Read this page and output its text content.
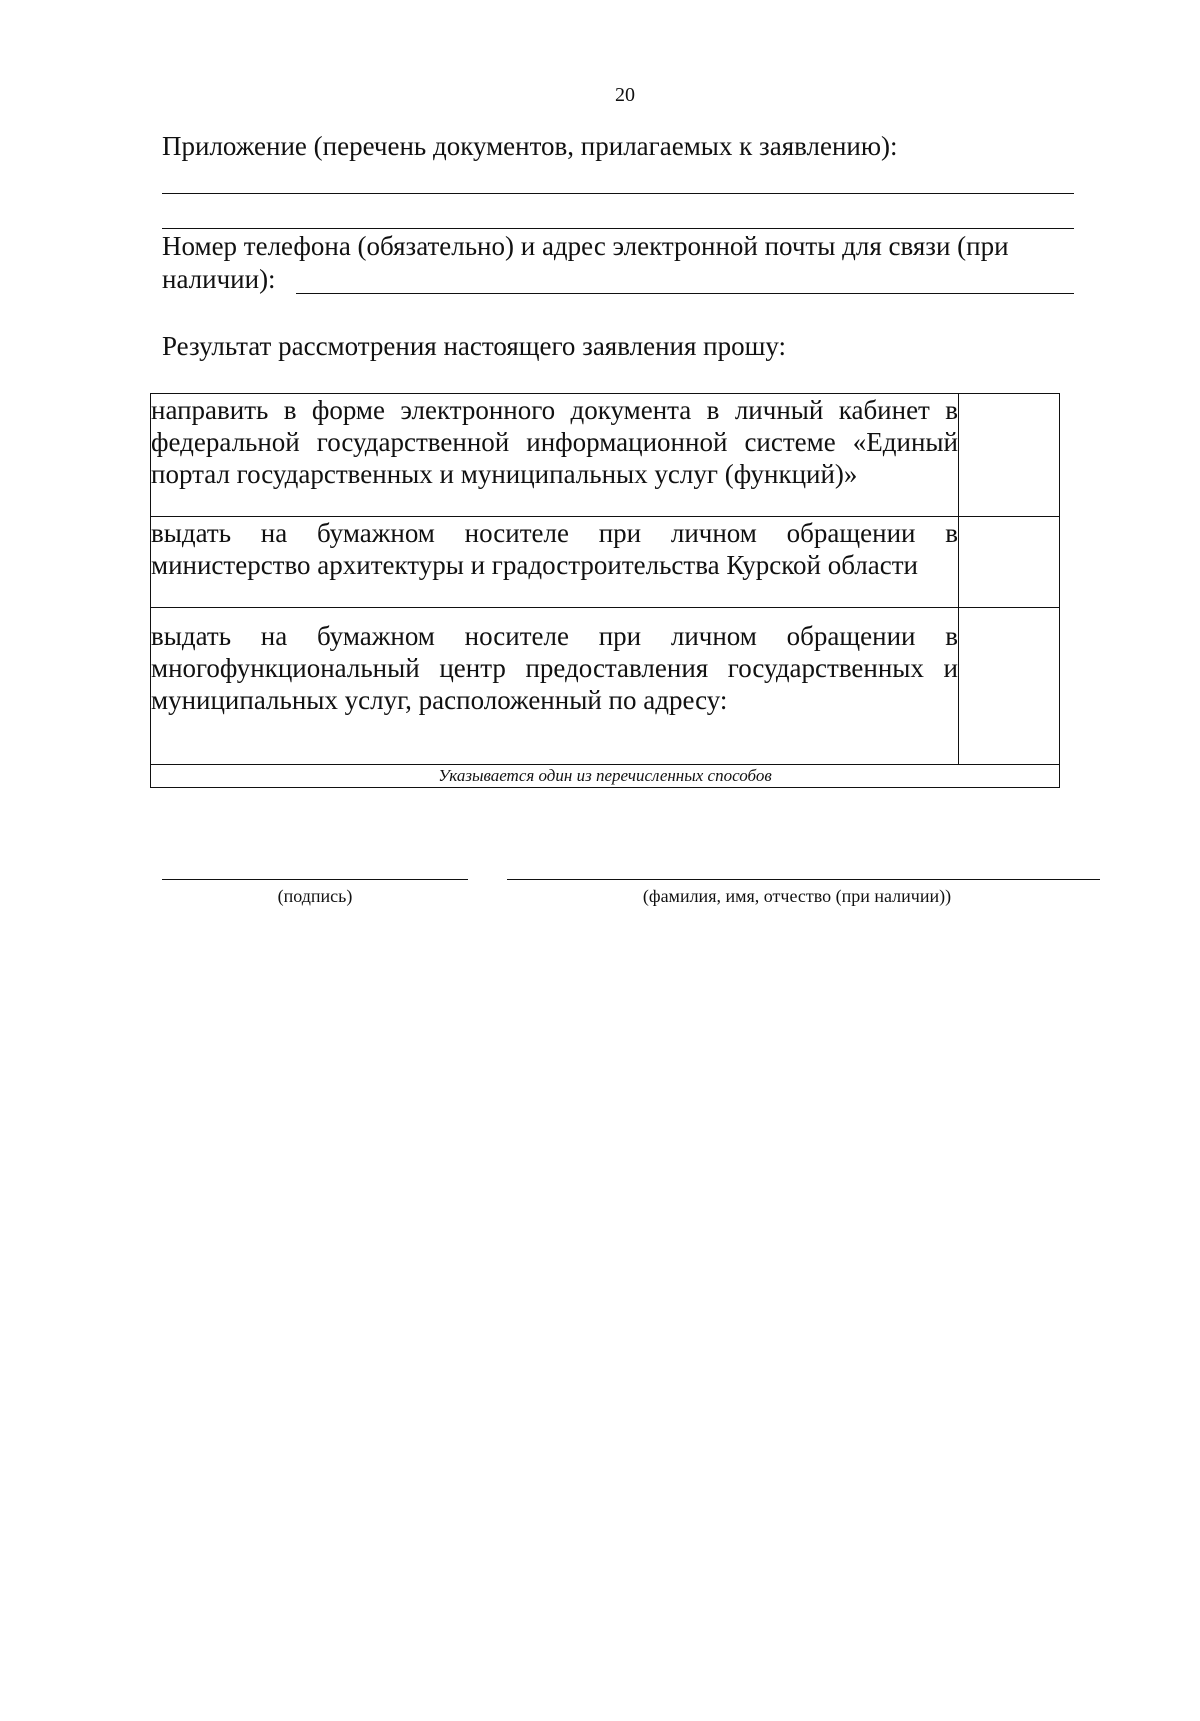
20
Приложение (перечень документов, прилагаемых к заявлению):
Номер телефона (обязательно) и адрес электронной почты для связи (при
наличии):
Результат рассмотрения настоящего заявления прошу:
направить в форме электронного документа в личный кабинет в федеральной государственной информационной системе «Единый портал государственных и муниципальных услуг (функций)»	
выдать на бумажном носителе при личном обращении в министерство архитектуры и градостроительства Курской области	
выдать на бумажном носителе при личном обращении в многофункциональный центр предоставления государственных и муниципальных услуг, расположенный по адресу:	
Указывается один из перечисленных способов	
(подпись)	(фамилия, имя, отчество (при наличии))
